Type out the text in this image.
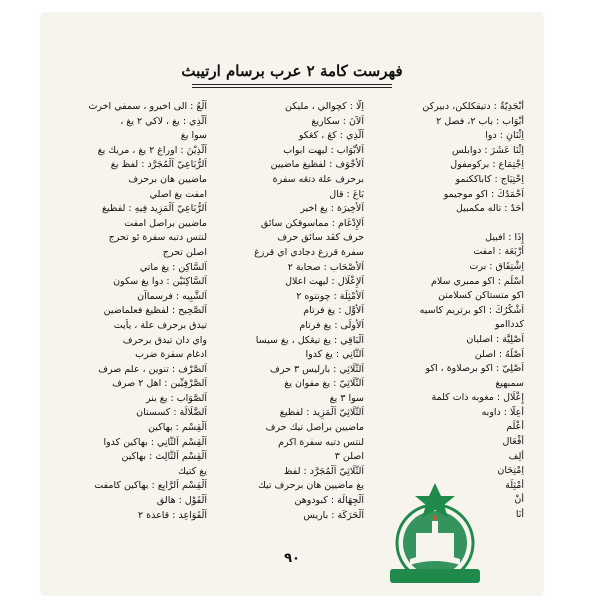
فهرست كامة ٢ عرب برسام ارتيبث
أَبْجَدِيّةٌ : دتيقكلكن، دبيركن
أَبْوَاب : باب ٢، فصل ٢
اِثْنَانِ : دوا
اِثْنَا عَشَرَ : دوابلس
اِجْتِمَاع : بركومفول
اِحْتِيَاج : كاباككنمو
اَحْمَدُكَ : اكو موجيمو
أَحَدٌ : تاله مكمبيل
إِذَا : افبيل
أَرْبَعَة : امفت
اِشْتِقَاق : برت
أَسْلَم : اكو ممبري سلام
اكو متستاكن كسلامتن
اَشْكُرُكَ : اكو برتريم كاسيه
كدداامو
اَصْلِيَّة : اصليان
اَصْلُهُ : اصلن
اَصْلِيّ : اكو برصلاوة ، اكو
سمبهيغ
إِعْلَال : مغوبه ذات كلمة
أَعِلَّا : داوبه
أَعْلَم
أَفْعَال
أَلِف
اِمْتِحَان
أَمْثِلَة
أَنْ
أَنَا
اِلَّا : كچوالي ، مليكن
اَلآنَ : سكاريغ
اَلَّذِي : كڠ ، كڠكو
اَلأَبْوَاب : ليهت ابواب
اَلأَجْوَف : لفظيغ ماضيين
برحرف علة دتڠه سفرة
بَاعَ : قال
اَلأَخِيرَة : يغ اخير
اَلإِدْغَام : مماسوقكن سائق
حرف كڤد سائق حرف
سفرة قرزغ دجادي اي قرزغ
اَلأَصْحَاب : صحابة ٢
اَلإِعْلَال : ليهت اعلال
اَلأَمْثِلَة : چونتوه ٢
اَلأَوَّل : يغ فرتام
اَلأُولَى : يغ فرتام
اَلْبَاقِي : يغ تيڠكل ، يغ سيسا
اَلثَّانِي : يغ كدوا
اَلثَّلَاثِي : بارليس ٣ حرف
اَلثَّلَاثِيّ : يغ مفوان يغ
سوا ٣ يغ
اَلثُّلَاثِيّ اَلْمَزِيد : لفظيغ
ماضيين براصل تيك حرف
لنتس دتبه سفرة اكرم
اصلن ٣
اَلثُّلَاثِيّ اَلْمُجَرَّد : لفظ
يغ ماضيين هان برحرف تيك
اَلْجِهَالَة : كبودوهن
اَلْحَرَكَة : باريس
اَلْعُ : الى اخيرو ، سمفي اخرث
اَلَّذِي : يغ ، لاكي ٢ يغ ،
سوا يغ
اَلَّذِيْنَ : اوراغ ٢ يغ ، مريك يغ
اَلرُّبَاعِيّ اَلْمُجَرَّد : لفظ يغ
ماضيين هان برحرف
امفت يغ اصلي
اَلرُّبَاعِيّ اَلْمَزِيد فِيهِ : لفظيغ
ماضيين براصل امفت
لنتس دتبه سفرة ئو تحرج
اصلن تحرج
اَلسَّاكِن : يغ ماتي
اَلسَّاكِنَيْن : دوا يغ سكون
اَلشَّبِيه : فرسماآن
اَلصَّحِيح : لفظيغ فعلماضين
تيدق برحرف علة ، يأيت
واي دان تيدق برحرف
ادغام سفرة ضرب
اَلصَّرْف : تنوين ، علم صرف
اَلصَّرْفِيِّين : اهل ٢ صرف
اَلصَّوَاب : يغ بنر
اَلضَّلَالَة : كسستان
اَلْقِسْم : بهاكين
اَلْقِسْم اَلثَّانِي : بهاكين كدوا
اَلْقِسْم اَلثَّالِث : بهاكين
يغ كتيك
اَلْقِسْم اَلرَّابِع : بهاكين كامفت
اَلْقَوْل : هالق
اَلْقَوَاعِد : قاعدة ٢
٩٠
